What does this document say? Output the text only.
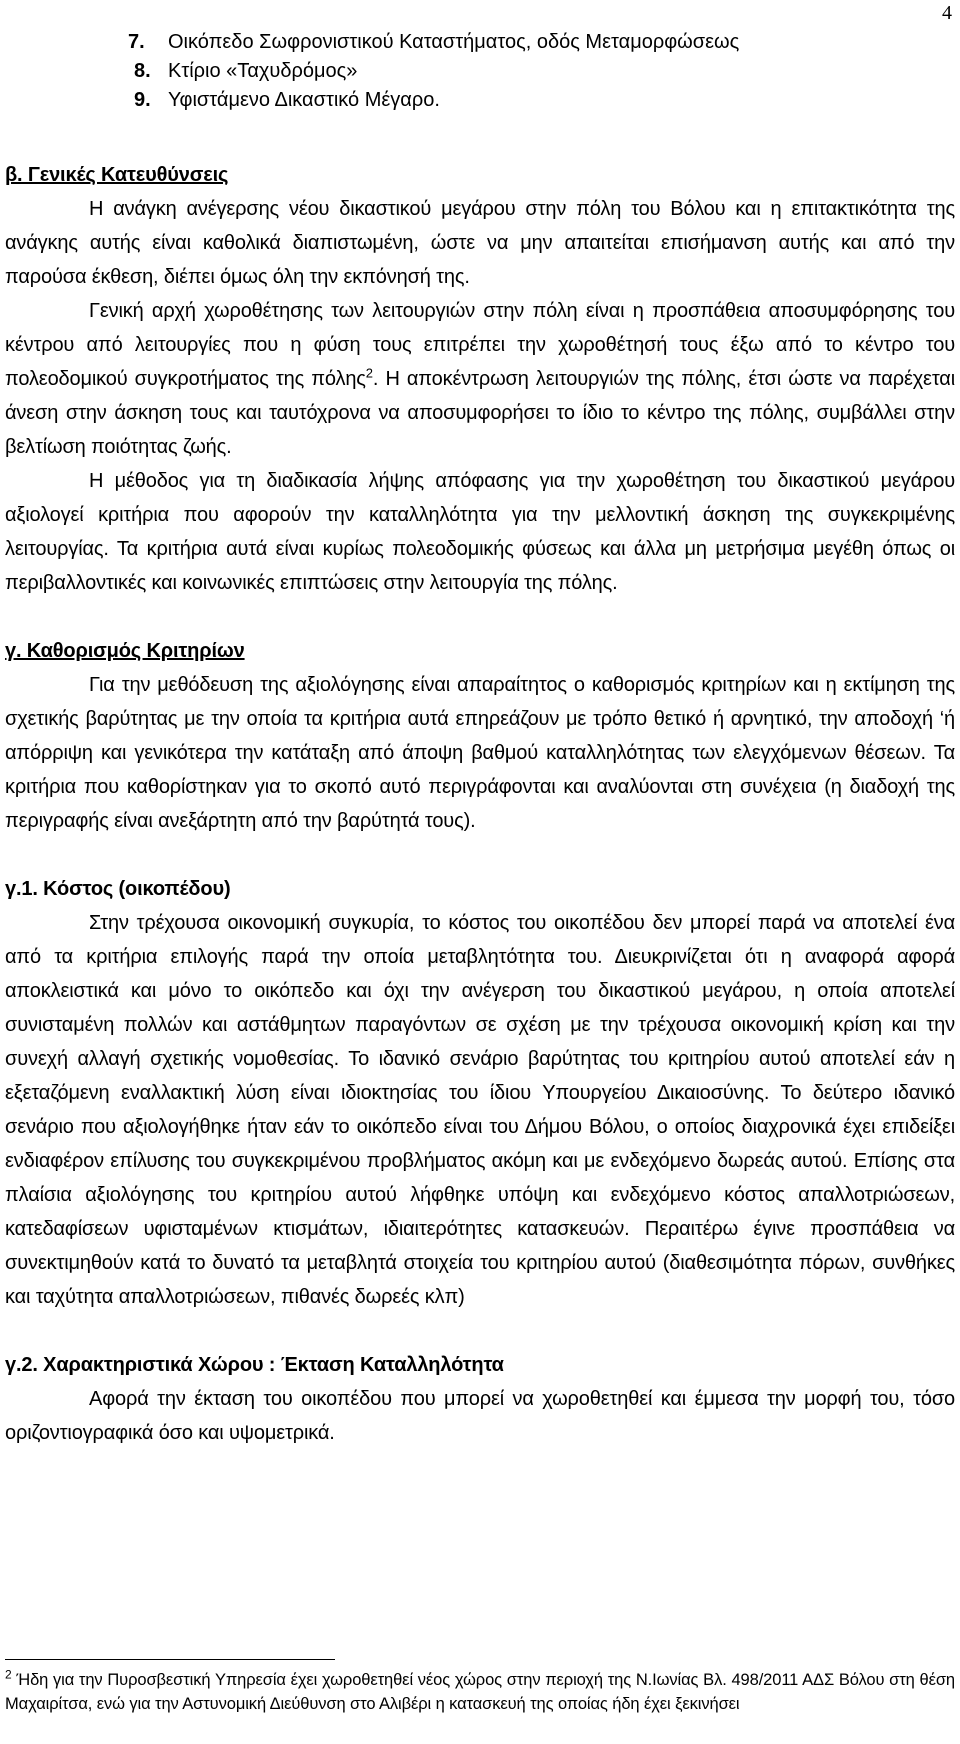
4
7. Οικόπεδο Σωφρονιστικού Καταστήματος, οδός Μεταμορφώσεως
8. Κτίριο «Ταχυδρόμος»
9. Υφιστάμενο Δικαστικό Μέγαρο.

β. Γενικές Κατευθύνσεις

Η ανάγκη ανέγερσης νέου δικαστικού μεγάρου στην πόλη του Βόλου και η επιτακτικότητα της ανάγκης αυτής είναι καθολικά διαπιστωμένη, ώστε να μην απαιτείται επισήμανση αυτής και από την παρούσα έκθεση, διέπει όμως όλη την εκπόνησή της.

Γενική αρχή χωροθέτησης των λειτουργιών στην πόλη είναι η προσπάθεια αποσυμφόρησης του κέντρου από λειτουργίες που η φύση τους επιτρέπει την χωροθέτησή τους έξω από το κέντρο του πολεοδομικού συγκροτήματος της πόλης$^2$. Η αποκέντρωση λειτουργιών της πόλης, έτσι ώστε να παρέχεται άνεση στην άσκηση τους και ταυτόχρονα να αποσυμφορήσει το ίδιο το κέντρο της πόλης, συμβάλλει στην βελτίωση ποιότητας ζωής.

Η μέθοδος για τη διαδικασία λήψης απόφασης για την χωροθέτηση του δικαστικού μεγάρου αξιολογεί κριτήρια που αφορούν την καταλληλότητα για την μελλοντική άσκηση της συγκεκριμένης λειτουργίας. Τα κριτήρια αυτά είναι κυρίως πολεοδομικής φύσεως και άλλα μη μετρήσιμα μεγέθη όπως οι περιβαλλοντικές και κοινωνικές επιπτώσεις στην λειτουργία της πόλης.

γ. Καθορισμός Κριτηρίων

Για την μεθόδευση της αξιολόγησης είναι απαραίτητος ο καθορισμός κριτηρίων και η εκτίμηση της σχετικής βαρύτητας με την οποία τα κριτήρια αυτά επηρεάζουν με τρόπο θετικό ή αρνητικό, την αποδοχή ‘ή απόρριψη και γενικότερα την κατάταξη από άποψη βαθμού καταλληλότητας των ελεγχόμενων θέσεων. Τα κριτήρια που καθορίστηκαν για το σκοπό αυτό περιγράφονται και αναλύονται στη συνέχεια (η διαδοχή της περιγραφής είναι ανεξάρτητη από την βαρύτητά τους).

γ.1. Κόστος (οικοπέδου)

Στην τρέχουσα οικονομική συγκυρία, το κόστος του οικοπέδου δεν μπορεί παρά να αποτελεί ένα από τα κριτήρια επιλογής παρά την οποία μεταβλητότητα του. Διευκρινίζεται ότι η αναφορά αφορά αποκλειστικά και μόνο το οικόπεδο και όχι την ανέγερση του δικαστικού μεγάρου, η οποία αποτελεί συνισταμένη πολλών και αστάθμητων παραγόντων σε σχέση με την τρέχουσα οικονομική κρίση και την συνεχή αλλαγή σχετικής νομοθεσίας. Το ιδανικό σενάριο βαρύτητας του κριτηρίου αυτού αποτελεί εάν η εξεταζόμενη εναλλακτική λύση είναι ιδιοκτησίας του ίδιου Υπουργείου Δικαιοσύνης. Το δεύτερο ιδανικό σενάριο που αξιολογήθηκε ήταν εάν το οικόπεδο είναι του Δήμου Βόλου, ο οποίος διαχρονικά έχει επιδείξει ενδιαφέρον επίλυσης του συγκεκριμένου προβλήματος ακόμη και με ενδεχόμενο δωρεάς αυτού. Επίσης στα πλαίσια αξιολόγησης του κριτηρίου αυτού λήφθηκε υπόψη και ενδεχόμενο κόστος απαλλοτριώσεων, κατεδαφίσεων υφισταμένων κτισμάτων, ιδιαιτερότητες κατασκευών. Περαιτέρω έγινε προσπάθεια να συνεκτιμηθούν κατά το δυνατό τα μεταβλητά στοιχεία του κριτηρίου αυτού (διαθεσιμότητα πόρων, συνθήκες και ταχύτητα απαλλοτριώσεων, πιθανές δωρεές κλπ)

γ.2. Χαρακτηριστικά Χώρου : Έκταση Καταλληλότητα

Αφορά την έκταση του οικοπέδου που μπορεί να χωροθετηθεί και έμμεσα την μορφή του, τόσο οριζοντιογραφικά όσο και υψομετρικά.

$^2$ Ήδη για την Πυροσβεστική Υπηρεσία έχει χωροθετηθεί νέος χώρος στην περιοχή της Ν.Ιωνίας Βλ. 498/2011 ΑΔΣ Βόλου στη θέση Μαχαιρίτσα, ενώ για την Αστυνομική Διεύθυνση στο Αλιβέρι η κατασκευή της οποίας ήδη έχει ξεκινήσει
